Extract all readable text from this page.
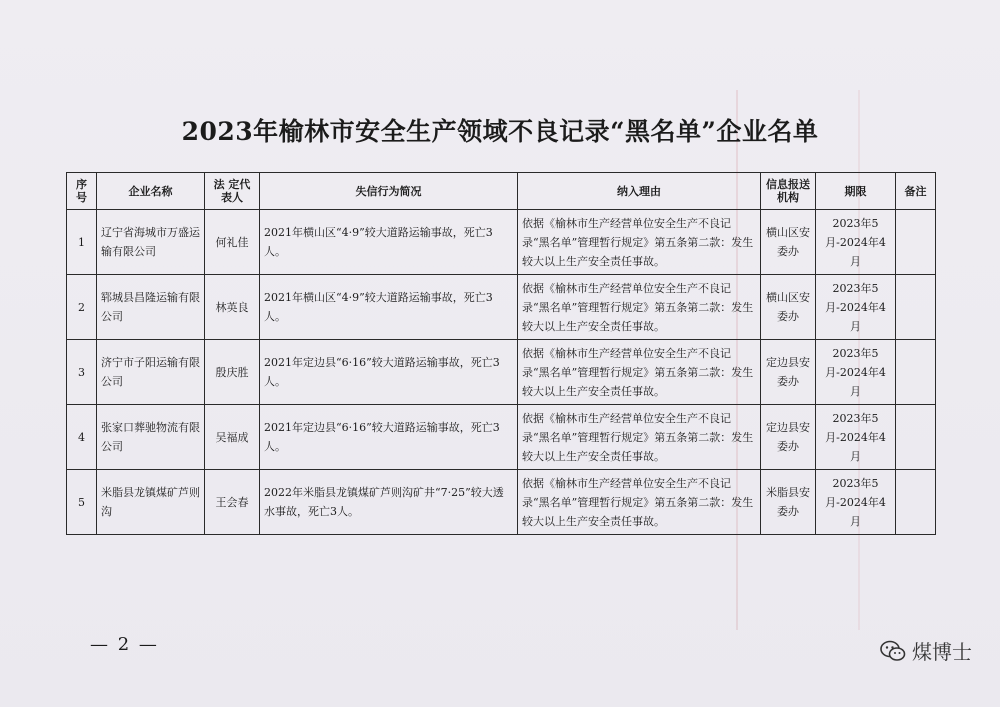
2023年榆林市安全生产领域不良记录“黑名单”企业名单
序号	企业名称	法 定代表人	失信行为简况	纳入理由	信息报送机构	期限	备注
1	辽宁省海城市万盛运输有限公司	何礼佳	2021年横山区“4·9”较大道路运输事故，死亡3人。	依据《榆林市生产经营单位安全生产不良记录“黑名单”管理暂行规定》第五条第二款：发生较大以上生产安全责任事故。	横山区安委办	2023年5月-2024年4月	
2	郓城县昌隆运输有限公司	林英良	2021年横山区“4·9”较大道路运输事故，死亡3人。	依据《榆林市生产经营单位安全生产不良记录“黑名单”管理暂行规定》第五条第二款：发生较大以上生产安全责任事故。	横山区安委办	2023年5月-2024年4月	
3	济宁市子阳运输有限公司	殷庆胜	2021年定边县“6·16”较大道路运输事故，死亡3人。	依据《榆林市生产经营单位安全生产不良记录“黑名单”管理暂行规定》第五条第二款：发生较大以上生产安全责任事故。	定边县安委办	2023年5月-2024年4月	
4	张家口葬驰物流有限公司	吴福成	2021年定边县“6·16”较大道路运输事故，死亡3人。	依据《榆林市生产经营单位安全生产不良记录“黑名单”管理暂行规定》第五条第二款：发生较大以上生产安全责任事故。	定边县安委办	2023年5月-2024年4月	
5	米脂县龙镇煤矿芦则沟	王会春	2022年米脂县龙镇煤矿芦则沟矿井“7·25”较大透水事故，死亡3人。	依据《榆林市生产经营单位安全生产不良记录“黑名单”管理暂行规定》第五条第二款：发生较大以上生产安全责任事故。	米脂县安委办	2023年5月-2024年4月	
— 2 —	煤博士
